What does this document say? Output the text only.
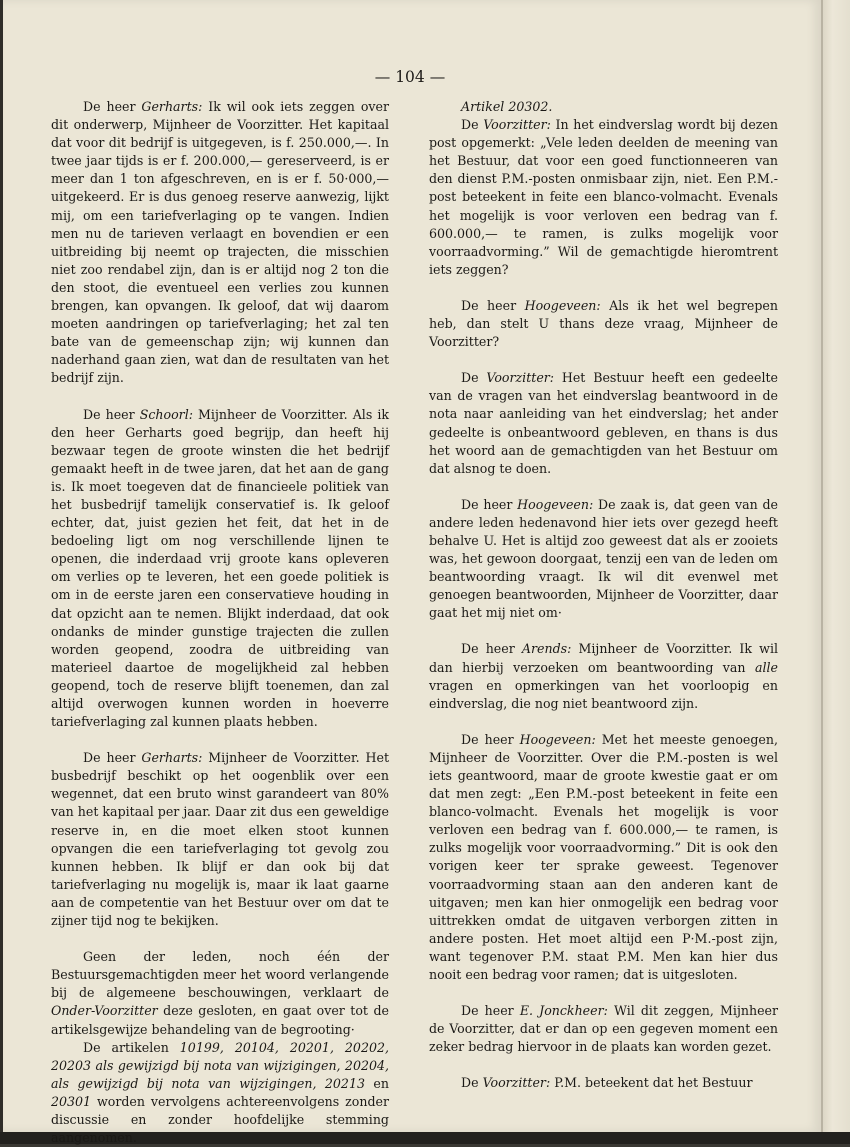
— 104 —

De heer Gerharts: Ik wil ook iets zeggen over dit onderwerp, Mijnheer de Voorzitter. Het kapitaal dat voor dit bedrijf is uitgegeven, is f. 250.000,—. In twee jaar tijds is er f. 200.000,— gereserveerd, is er meer dan 1 ton afgeschreven, en is er f. 50·000,— uitgekeerd. Er is dus genoeg reserve aanwezig, lijkt mij, om een tariefverlaging op te vangen. Indien men nu de tarieven verlaagt en bovendien er een uitbreiding bij neemt op trajecten, die misschien niet zoo rendabel zijn, dan is er altijd nog 2 ton die den stoot, die eventueel een verlies zou kunnen brengen, kan opvangen. Ik geloof, dat wij daarom moeten aandringen op tariefverlaging; het zal ten bate van de gemeenschap zijn; wij kunnen dan naderhand gaan zien, wat dan de resultaten van het bedrijf zijn.

De heer Schoorl: Mijnheer de Voorzitter. Als ik den heer Gerharts goed begrijp, dan heeft hij bezwaar tegen de groote winsten die het bedrijf gemaakt heeft in de twee jaren, dat het aan de gang is. Ik moet toegeven dat de financieele politiek van het busbedrijf tamelijk conservatief is. Ik geloof echter, dat, juist gezien het feit, dat het in de bedoeling ligt om nog verschillende lijnen te openen, die inderdaad vrij groote kans opleveren om verlies op te leveren, het een goede politiek is om in de eerste jaren een conservatieve houding in dat opzicht aan te nemen. Blijkt inderdaad, dat ook ondanks de minder gunstige trajecten die zullen worden geopend, zoodra de uitbreiding van materieel daartoe de mogelijkheid zal hebben geopend, toch de reserve blijft toenemen, dan zal altijd overwogen kunnen worden in hoeverre tariefverlaging zal kunnen plaats hebben.

De heer Gerharts: Mijnheer de Voorzitter. Het busbedrijf beschikt op het oogenblik over een wegennet, dat een bruto winst garandeert van 80% van het kapitaal per jaar. Daar zit dus een geweldige reserve in, en die moet elken stoot kunnen opvangen die een tariefverlaging tot gevolg zou kunnen hebben. Ik blijf er dan ook bij dat tariefverlaging nu mogelijk is, maar ik laat gaarne aan de competentie van het Bestuur over om dat te zijner tijd nog te bekijken.

Geen der leden, noch één der Bestuursgemachtigden meer het woord verlangende bij de algemeene beschouwingen, verklaart de Onder-Voorzitter deze gesloten, en gaat over tot de artikelsgewijze behandeling van de begrooting·

De artikelen 10199, 20104, 20201, 20202, 20203 als gewijzigd bij nota van wijzigingen, 20204, als gewijzigd bij nota van wijzigingen, 20213 en 20301 worden vervolgens achtereenvolgens zonder discussie en zonder hoofdelijke stemming aangenomen.

Artikel 20302.

De Voorzitter: In het eindverslag wordt bij dezen post opgemerkt: „Vele leden deelden de meening van het Bestuur, dat voor een goed functionneeren van den dienst P.M.-posten onmisbaar zijn, niet. Een P.M.-post beteekent in feite een blanco-volmacht. Evenals het mogelijk is voor verloven een bedrag van f. 600.000,— te ramen, is zulks mogelijk voor voorraadvorming.” Wil de gemachtigde hieromtrent iets zeggen?

De heer Hoogeveen: Als ik het wel begrepen heb, dan stelt U thans deze vraag, Mijnheer de Voorzitter?

De Voorzitter: Het Bestuur heeft een gedeelte van de vragen van het eindverslag beantwoord in de nota naar aanleiding van het eindverslag; het ander gedeelte is onbeantwoord gebleven, en thans is dus het woord aan de gemachtigden van het Bestuur om dat alsnog te doen.

De heer Hoogeveen: De zaak is, dat geen van de andere leden hedenavond hier iets over gezegd heeft behalve U. Het is altijd zoo geweest dat als er zooiets was, het gewoon doorgaat, tenzij een van de leden om beantwoording vraagt. Ik wil dit evenwel met genoegen beantwoorden, Mijnheer de Voorzitter, daar gaat het mij niet om·

De heer Arends: Mijnheer de Voorzitter. Ik wil dan hierbij verzoeken om beantwoording van alle vragen en opmerkingen van het voorloopig en eindverslag, die nog niet beantwoord zijn.

De heer Hoogeveen: Met het meeste genoegen, Mijnheer de Voorzitter. Over die P.M.-posten is wel iets geantwoord, maar de groote kwestie gaat er om dat men zegt: „Een P.M.-post beteekent in feite een blanco-volmacht. Evenals het mogelijk is voor verloven een bedrag van f. 600.000,— te ramen, is zulks mogelijk voor voorraadvorming.” Dit is ook den vorigen keer ter sprake geweest. Tegenover voorraadvorming staan aan den anderen kant de uitgaven; men kan hier onmogelijk een bedrag voor uittrekken omdat de uitgaven verborgen zitten in andere posten. Het moet altijd een P·M.-post zijn, want tegenover P.M. staat P.M. Men kan hier dus nooit een bedrag voor ramen; dat is uitgesloten.

De heer E. Jonckheer: Wil dit zeggen, Mijnheer de Voorzitter, dat er dan op een gegeven moment een zeker bedrag hiervoor in de plaats kan worden gezet.

De Voorzitter: P.M. beteekent dat het Bestuur
